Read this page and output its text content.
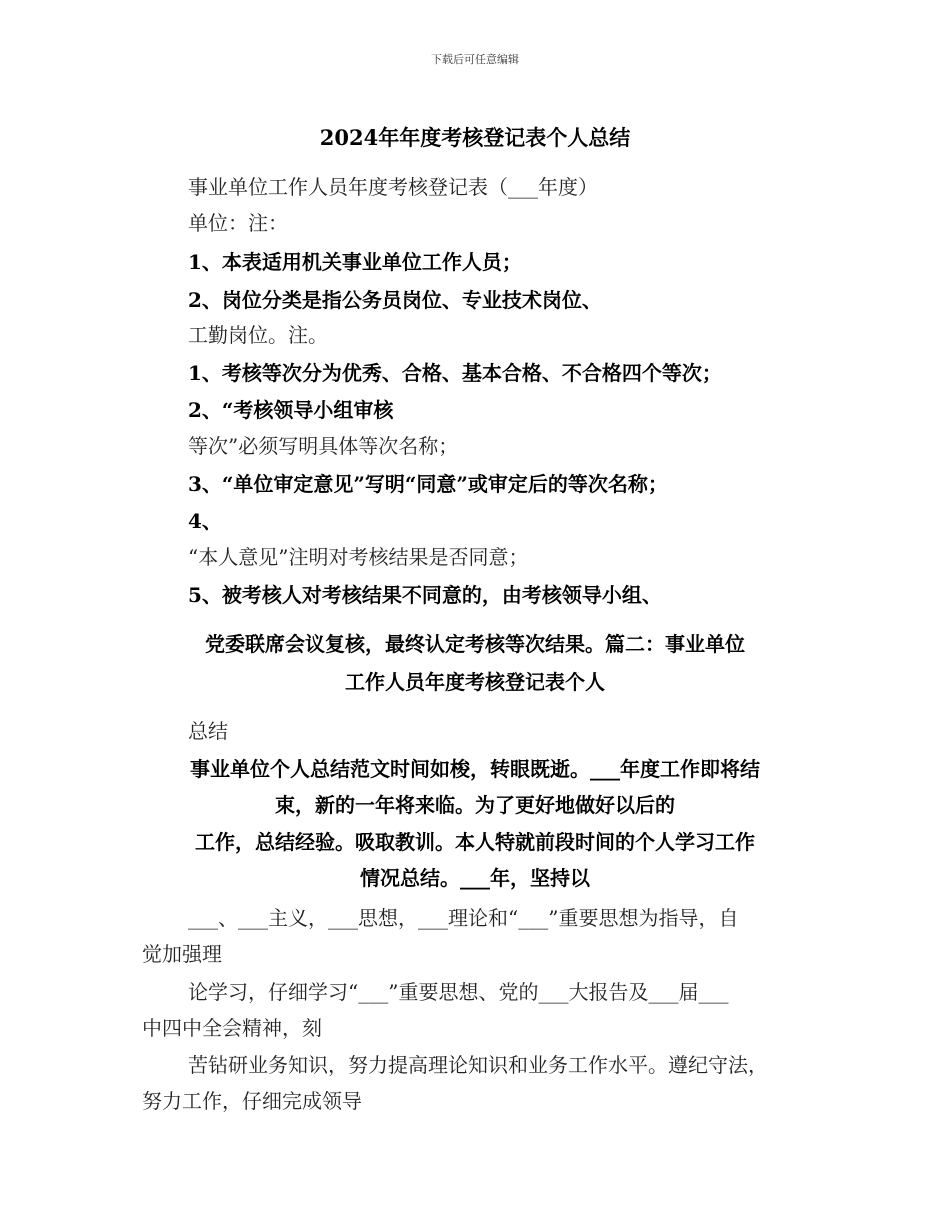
下载后可任意编辑
2024年年度考核登记表个人总结
事业单位工作人员年度考核登记表（___年度）
单位：注：
1、本表适用机关事业单位工作人员；
2、岗位分类是指公务员岗位、专业技术岗位、
工勤岗位。注。
1、考核等次分为优秀、合格、基本合格、不合格四个等次；
2、“考核领导小组审核
等次”必须写明具体等次名称；
3、“单位审定意见”写明“同意”或审定后的等次名称；
4、
“本人意见”注明对考核结果是否同意；
5、被考核人对考核结果不同意的，由考核领导小组、
党委联席会议复核，最终认定考核等次结果。篇二：事业单位
工作人员年度考核登记表个人
总结
事业单位个人总结范文时间如梭，转眼既逝。___年度工作即将结
束，新的一年将来临。为了更好地做好以后的
工作，总结经验。吸取教训。本人特就前段时间的个人学习工作
情况总结。___年，坚持以
___、___主义，___思想，___理论和“___”重要思想为指导，自
觉加强理
论学习，仔细学习“___”重要思想、党的___大报告及___届___
中四中全会精神，刻
苦钻研业务知识，努力提高理论知识和业务工作水平。遵纪守法，
努力工作，仔细完成领导
